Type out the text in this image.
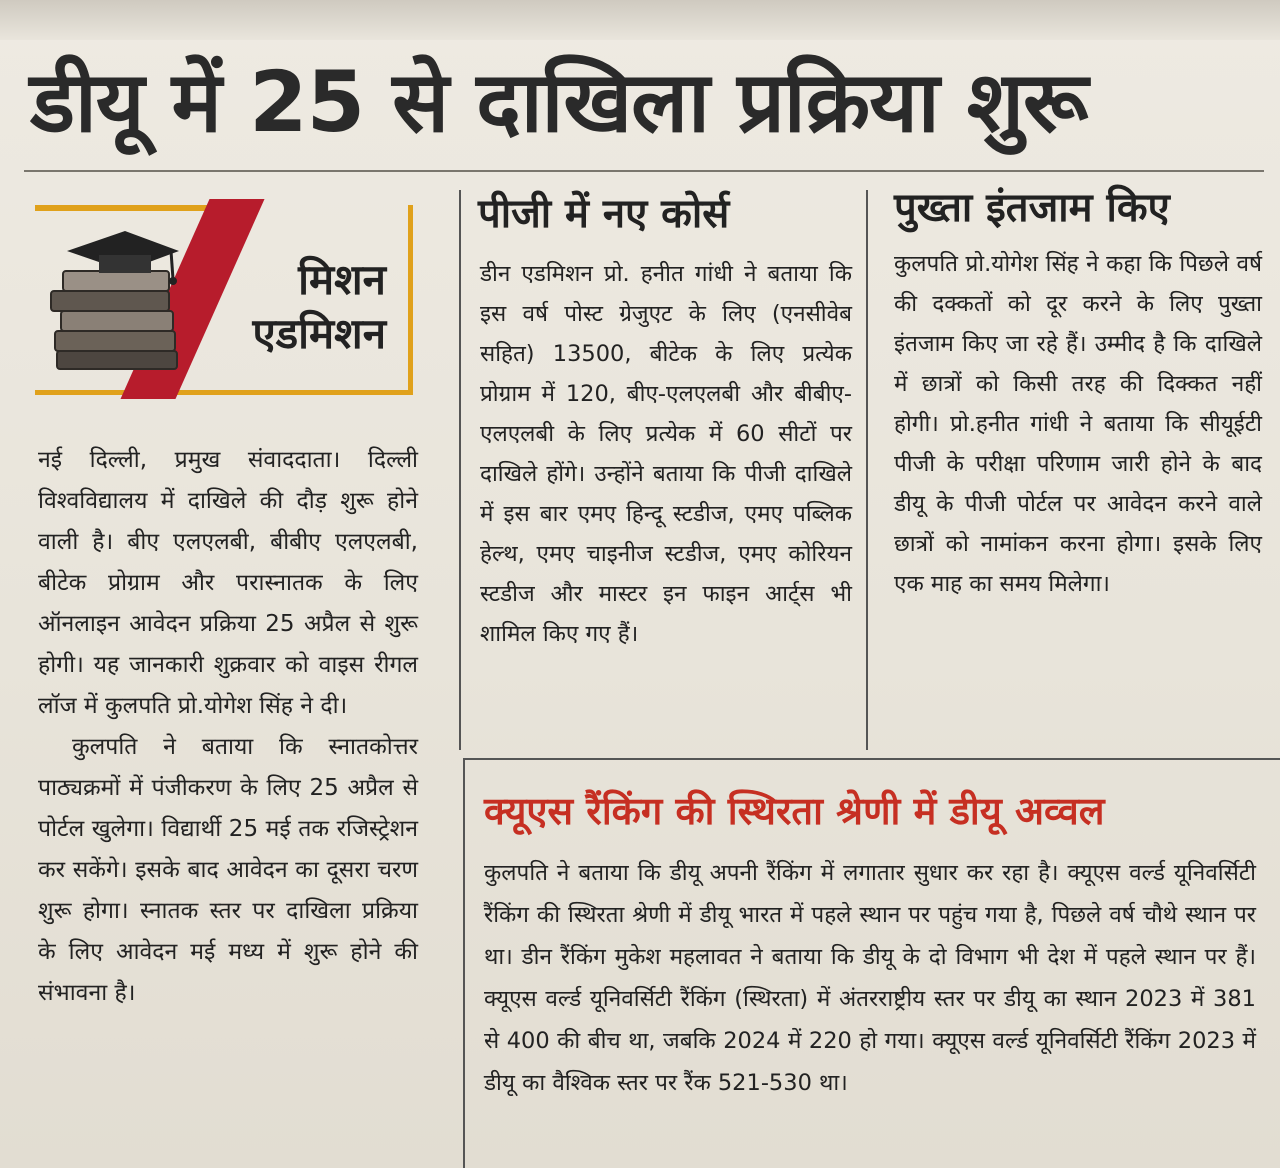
डीयू में 25 से दाखिला प्रक्रिया शुरू
मिशन
एडमिशन

नई दिल्ली, प्रमुख संवाददाता। दिल्ली विश्वविद्यालय में दाखिले की दौड़ शुरू होने वाली है। बीए एलएलबी, बीबीए एलएलबी, बीटेक प्रोग्राम और परास्नातक के लिए ऑनलाइन आवेदन प्रक्रिया 25 अप्रैल से शुरू होगी। यह जानकारी शुक्रवार को वाइस रीगल लॉज में कुलपति प्रो.योगेश सिंह ने दी।

कुलपति ने बताया कि स्नातकोत्तर पाठ्यक्रमों में पंजीकरण के लिए 25 अप्रैल से पोर्टल खुलेगा। विद्यार्थी 25 मई तक रजिस्ट्रेशन कर सकेंगे। इसके बाद आवेदन का दूसरा चरण शुरू होगा। स्नातक स्तर पर दाखिला प्रक्रिया के लिए आवेदन मई मध्य में शुरू होने की संभावना है।

पीजी में नए कोर्स

डीन एडमिशन प्रो. हनीत गांधी ने बताया कि इस वर्ष पोस्ट ग्रेजुएट के लिए (एनसीवेब सहित) 13500, बीटेक के लिए प्रत्येक प्रोग्राम में 120, बीए-एलएलबी और बीबीए-एलएलबी के लिए प्रत्येक में 60 सीटों पर दाखिले होंगे। उन्होंने बताया कि पीजी दाखिले में इस बार एमए हिन्दू स्टडीज, एमए पब्लिक हेल्थ, एमए चाइनीज स्टडीज, एमए कोरियन स्टडीज और मास्टर इन फाइन आर्ट्स भी शामिल किए गए हैं।

पुख्ता इंतजाम किए

कुलपति प्रो.योगेश सिंह ने कहा कि पिछले वर्ष की दक्कतों को दूर करने के लिए पुख्ता इंतजाम किए जा रहे हैं। उम्मीद है कि दाखिले में छात्रों को किसी तरह की दिक्कत नहीं होगी। प्रो.हनीत गांधी ने बताया कि सीयूईटी पीजी के परीक्षा परिणाम जारी होने के बाद डीयू के पीजी पोर्टल पर आवेदन करने वाले छात्रों को नामांकन करना होगा। इसके लिए एक माह का समय मिलेगा।

क्यूएस रैंकिंग की स्थिरता श्रेणी में डीयू अव्वल

कुलपति ने बताया कि डीयू अपनी रैंकिंग में लगातार सुधार कर रहा है। क्यूएस वर्ल्ड यूनिवर्सिटी रैंकिंग की स्थिरता श्रेणी में डीयू भारत में पहले स्थान पर पहुंच गया है, पिछले वर्ष चौथे स्थान पर था। डीन रैंकिंग मुकेश महलावत ने बताया कि डीयू के दो विभाग भी देश में पहले स्थान पर हैं। क्यूएस वर्ल्ड यूनिवर्सिटी रैंकिंग (स्थिरता) में अंतरराष्ट्रीय स्तर पर डीयू का स्थान 2023 में 381 से 400 की बीच था, जबकि 2024 में 220 हो गया। क्यूएस वर्ल्ड यूनिवर्सिटी रैंकिंग 2023 में डीयू का वैश्विक स्तर पर रैंक 521-530 था।
